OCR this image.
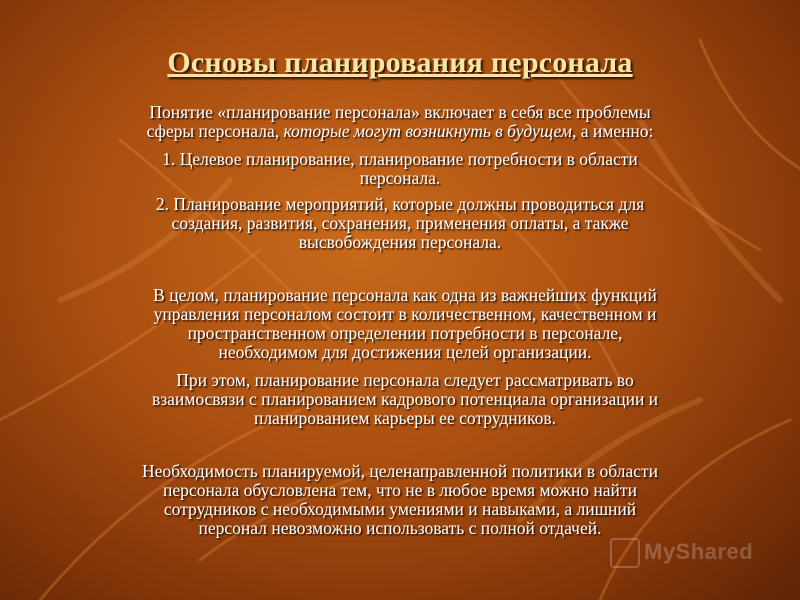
Основы планирования персонала
Понятие «планирование персонала» включает в себя все проблемы
сферы персонала, которые могут возникнуть в будущем, а именно:
1. Целевое планирование, планирование потребности в области
персонала.
2. Планирование мероприятий, которые должны проводиться для
создания, развития, сохранения, применения оплаты, а также
высвобождения персонала.
В целом, планирование персонала как одна из важнейших функций
управления персоналом состоит в количественном, качественном и
пространственном определении потребности в персонале,
необходимом для достижения целей организации.
При этом, планирование персонала следует рассматривать во
взаимосвязи с планированием кадрового потенциала организации и
планированием карьеры ее сотрудников.
Необходимость планируемой, целенаправленной политики в области
персонала обусловлена тем, что не в любое время можно найти
сотрудников с необходимыми умениями и навыками, а лишний
персонал невозможно использовать с полной отдачей.
MyShared
